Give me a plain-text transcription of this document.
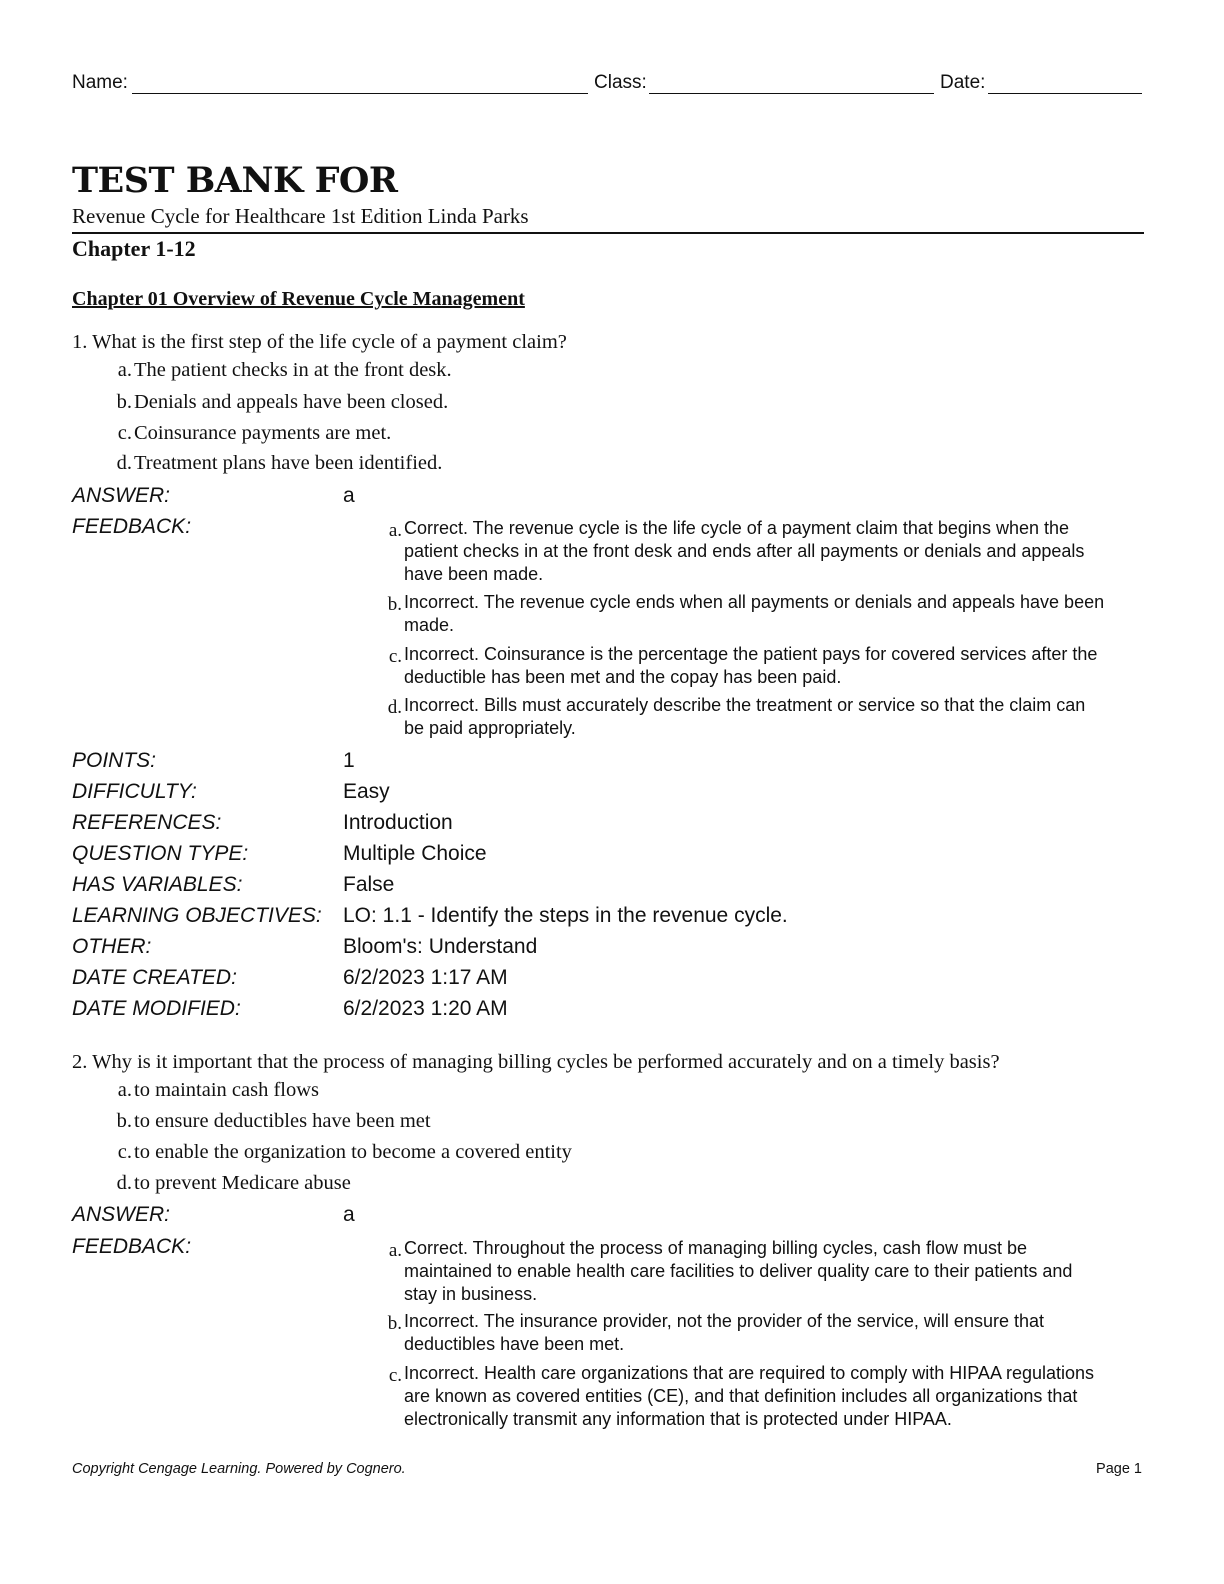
Name:	Class:	Date:
TEST BANK FOR
Revenue Cycle for Healthcare 1st Edition Linda Parks
Chapter 1-12
Chapter 01 Overview of Revenue Cycle Management
1. What is the first step of the life cycle of a payment claim?
a.The patient checks in at the front desk.
b.Denials and appeals have been closed.
c.Coinsurance payments are met.
d.Treatment plans have been identified.
ANSWER:	a
FEEDBACK:	a. Correct. The revenue cycle is the life cycle of a payment claim that begins when the patient checks in at the front desk and ends after all payments or denials and appeals have been made.
b. Incorrect. The revenue cycle ends when all payments or denials and appeals have been made.
c. Incorrect. Coinsurance is the percentage the patient pays for covered services after the deductible has been met and the copay has been paid.
d. Incorrect. Bills must accurately describe the treatment or service so that the claim can be paid appropriately.
POINTS:	1
DIFFICULTY:	Easy
REFERENCES:	Introduction
QUESTION TYPE:	Multiple Choice
HAS VARIABLES:	False
LEARNING OBJECTIVES: LO: 1.1 - Identify the steps in the revenue cycle.
OTHER:	Bloom's: Understand
DATE CREATED:	6/2/2023 1:17 AM
DATE MODIFIED:	6/2/2023 1:20 AM
2. Why is it important that the process of managing billing cycles be performed accurately and on a timely basis?
a.to maintain cash flows
b.to ensure deductibles have been met
c.to enable the organization to become a covered entity
d.to prevent Medicare abuse
ANSWER:	a
FEEDBACK:	a. Correct. Throughout the process of managing billing cycles, cash flow must be maintained to enable health care facilities to deliver quality care to their patients and stay in business.
b. Incorrect. The insurance provider, not the provider of the service, will ensure that deductibles have been met.
c. Incorrect. Health care organizations that are required to comply with HIPAA regulations are known as covered entities (CE), and that definition includes all organizations that electronically transmit any information that is protected under HIPAA.
Copyright Cengage Learning. Powered by Cognero.	Page 1
